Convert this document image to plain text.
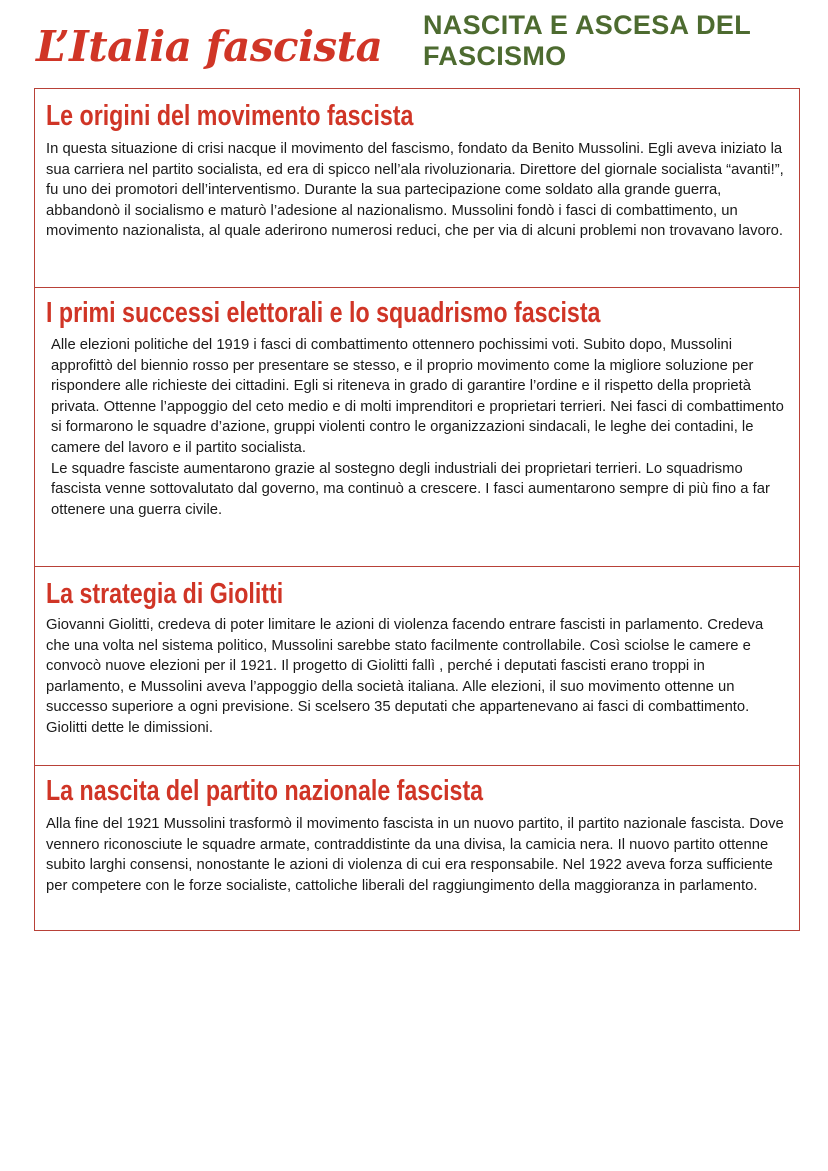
L’Italia fascista NASCITA E ASCESA DEL
FASCISMO
Le origini del movimento fascista

In questa situazione di crisi nacque il movimento del fascismo, fondato da Benito Mussolini. Egli aveva iniziato la sua carriera nel partito socialista, ed era di spicco nell’ala rivoluzionaria. Direttore del giornale socialista “avanti!”, fu uno dei promotori dell’interventismo. Durante la sua partecipazione come soldato alla grande guerra, abbandonò il socialismo e maturò l’adesione al nazionalismo. Mussolini fondò i fasci di combattimento, un movimento nazionalista, al quale aderirono numerosi reduci, che per via di alcuni problemi non trovavano lavoro.

I primi successi elettorali e lo squadrismo fascista
Alle elezioni politiche del 1919 i fasci di combattimento ottennero pochissimi voti. Subito dopo, Mussolini approfittò del biennio rosso per presentare se stesso, e il proprio movimento come la migliore soluzione per rispondere alle richieste dei cittadini. Egli si riteneva in grado di garantire l’ordine e il rispetto della proprietà privata. Ottenne l’appoggio del ceto medio e di molti imprenditori e proprietari terrieri. Nei fasci di combattimento si formarono le squadre d’azione, gruppi violenti contro le organizzazioni sindacali, le leghe dei contadini, le camere del lavoro e il partito socialista.
Le squadre fasciste aumentarono grazie al sostegno degli industriali dei proprietari terrieri. Lo squadrismo fascista venne sottovalutato dal governo, ma continuò a crescere. I fasci aumentarono sempre di più fino a far ottenere una guerra civile.
La strategia di Giolitti

Giovanni Giolitti, credeva di poter limitare le azioni di violenza facendo entrare fascisti in parlamento. Credeva che una volta nel sistema politico, Mussolini sarebbe stato facilmente controllabile. Così sciolse le camere e convocò nuove elezioni per il 1921. Il progetto di Giolitti fallì , perché i deputati fascisti erano troppi in parlamento, e Mussolini aveva l’appoggio della società italiana. Alle elezioni, il suo movimento ottenne un successo superiore a ogni previsione. Si scelsero 35 deputati che appartenevano ai fasci di combattimento. Giolitti dette le dimissioni.

La nascita del partito nazionale fascista

Alla fine del 1921 Mussolini trasformò il movimento fascista in un nuovo partito, il partito nazionale fascista. Dove vennero riconosciute le squadre armate, contraddistinte da una divisa, la camicia nera. Il nuovo partito ottenne subito larghi consensi, nonostante le azioni di violenza di cui era responsabile. Nel 1922 aveva forza sufficiente per competere con le forze socialiste, cattoliche liberali del raggiungimento della maggioranza in parlamento.
